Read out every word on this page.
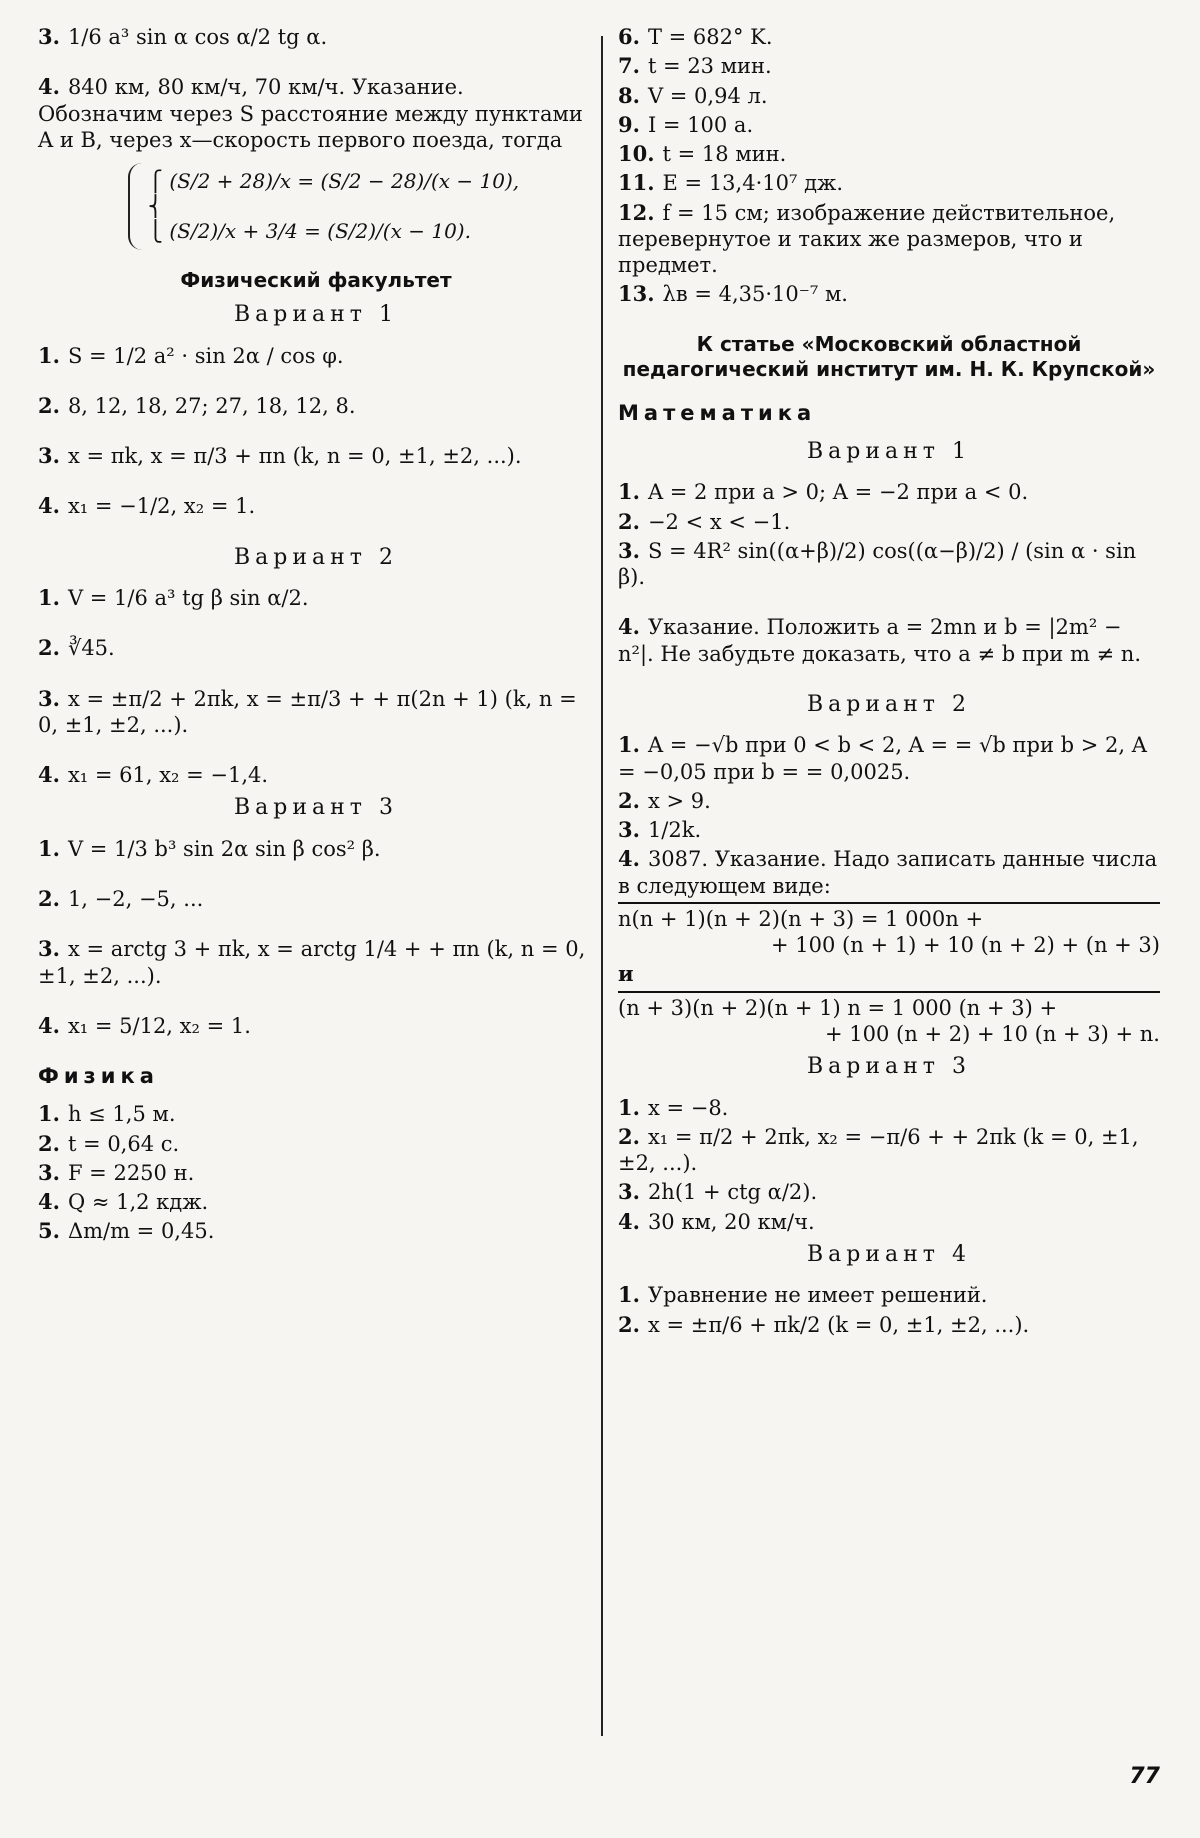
3. 1/6 a³ sin α cos α/2 tg α.
4. 840 км, 80 км/ч, 70 км/ч. Указание. Обозначим через S расстояние между пунктами A и B, через x—скорость первого поезда, тогда
⎧ (S/2 + 28)/x = (S/2 − 28)/(x − 10),
⎨
⎩ (S/2)/x + 3/4 = (S/2)/(x − 10).
Физический факультет
Вариант 1
1. S = 1/2 a² · sin 2α / cos φ.
2. 8, 12, 18, 27; 27, 18, 12, 8.
3. x = πk, x = π/3 + πn (k, n = 0, ±1, ±2, ...).
4. x₁ = −1/2, x₂ = 1.
Вариант 2
1. V = 1/6 a³ tg β sin α/2.
2. ∛45.
3. x = ±π/2 + 2πk, x = ±π/3 + + π(2n + 1) (k, n = 0, ±1, ±2, ...).
4. x₁ = 61, x₂ = −1,4.
Вариант 3
1. V = 1/3 b³ sin 2α sin β cos² β.
2. 1, −2, −5, ...
3. x = arctg 3 + πk, x = arctg 1/4 + + πn (k, n = 0, ±1, ±2, ...).
4. x₁ = 5/12, x₂ = 1.
Физика
1. h ≤ 1,5 м.
2. t = 0,64 с.
3. F = 2250 н.
4. Q ≈ 1,2 кдж.
5. Δm/m = 0,45.
6. T = 682° K.
7. t = 23 мин.
8. V = 0,94 л.
9. I = 100 а.
10. t = 18 мин.
11. E = 13,4·10⁷ дж.
12. f = 15 см; изображение действительное, перевернутое и таких же размеров, что и предмет.
13. λв = 4,35·10⁻⁷ м.
К статье «Московский областной педагогический институт им. Н. К. Крупской»
Математика
Вариант 1
1. A = 2 при a > 0; A = −2 при a < 0.
2. −2 < x < −1.
3. S = 4R² sin((α+β)/2) cos((α−β)/2) / (sin α · sin β).
4. Указание. Положить a = 2mn и b = |2m² − n²|. Не забудьте доказать, что a ≠ b при m ≠ n.
Вариант 2
1. A = −√b при 0 < b < 2, A = = √b при b > 2, A = −0,05 при b = = 0,0025.
2. x > 9.
3. 1/2k.
4. 3087. Указание. Надо записать данные числа в следующем виде:
n(n + 1)(n + 2)(n + 3) = 1 000n +
+ 100 (n + 1) + 10 (n + 2) + (n + 3)
и
(n + 3)(n + 2)(n + 1) n = 1 000 (n + 3) +
+ 100 (n + 2) + 10 (n + 3) + n.
Вариант 3
1. x = −8.
2. x₁ = π/2 + 2πk, x₂ = −π/6 + + 2πk (k = 0, ±1, ±2, ...).
3. 2h(1 + ctg α/2).
4. 30 км, 20 км/ч.
Вариант 4
1. Уравнение не имеет решений.
2. x = ±π/6 + πk/2 (k = 0, ±1, ±2, ...).
77
